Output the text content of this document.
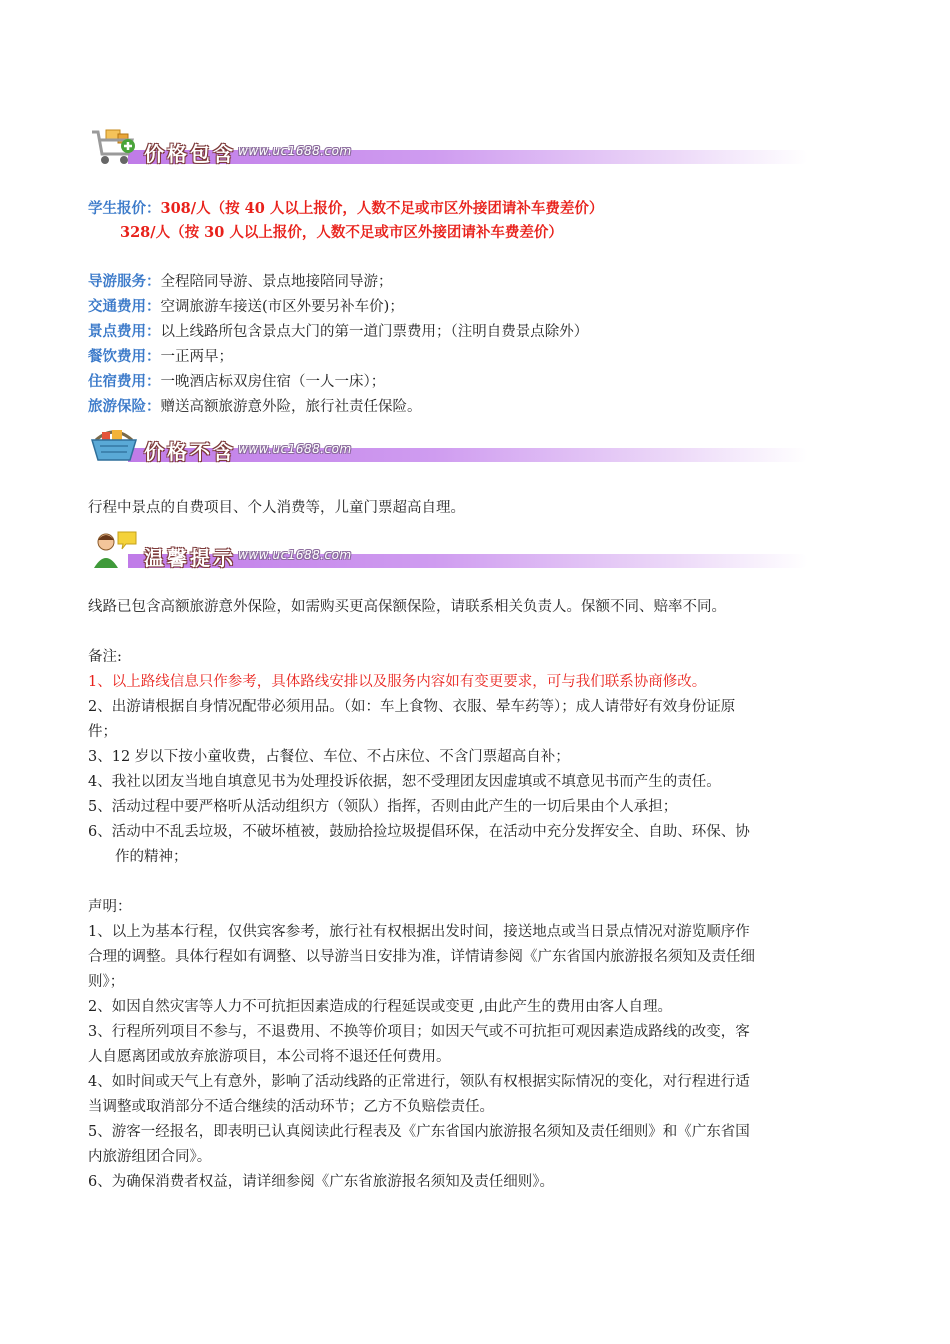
价格包含 www.uc1688.com
学生报价：308/人（按 40 人以上报价，人数不足或市区外接团请补车费差价）
328/人（按 30 人以上报价，人数不足或市区外接团请补车费差价）
导游服务：全程陪同导游、景点地接陪同导游；
交通费用：空调旅游车接送(市区外要另补车价)；
景点费用：以上线路所包含景点大门的第一道门票费用；（注明自费景点除外）
餐饮费用：一正两早；
住宿费用：一晚酒店标双房住宿（一人一床）；
旅游保险：赠送高额旅游意外险，旅行社责任保险。
价格不含 www.uc1688.com
行程中景点的自费项目、个人消费等，儿童门票超高自理。
温馨提示 www.uc1688.com
线路已包含高额旅游意外保险，如需购买更高保额保险，请联系相关负责人。保额不同、赔率不同。
备注:
1、以上路线信息只作参考，具体路线安排以及服务内容如有变更要求，可与我们联系协商修改。
2、出游请根据自身情况配带必须用品。（如：车上食物、衣服、晕车药等）；成人请带好有效身份证原
件；
3、12 岁以下按小童收费，占餐位、车位、不占床位、不含门票超高自补；
4、我社以团友当地自填意见书为处理投诉依据，恕不受理团友因虚填或不填意见书而产生的责任。
5、活动过程中要严格听从活动组织方（领队）指挥，否则由此产生的一切后果由个人承担；
6、活动中不乱丢垃圾，不破坏植被，鼓励拾捡垃圾提倡环保，在活动中充分发挥安全、自助、环保、协
作的精神；
声明：
1、以上为基本行程，仅供宾客参考，旅行社有权根据出发时间，接送地点或当日景点情况对游览顺序作
合理的调整。具体行程如有调整、以导游当日安排为准，详情请参阅《广东省国内旅游报名须知及责任细
则》；
2、如因自然灾害等人力不可抗拒因素造成的行程延误或变更 ,由此产生的费用由客人自理。
3、行程所列项目不参与，不退费用、不换等价项目；如因天气或不可抗拒可观因素造成路线的改变，客
人自愿离团或放弃旅游项目，本公司将不退还任何费用。
4、如时间或天气上有意外，影响了活动线路的正常进行，领队有权根据实际情况的变化，对行程进行适
当调整或取消部分不适合继续的活动环节；乙方不负赔偿责任。
5、游客一经报名，即表明已认真阅读此行程表及《广东省国内旅游报名须知及责任细则》和《广东省国
内旅游组团合同》。
6、为确保消费者权益，请详细参阅《广东省旅游报名须知及责任细则》。
